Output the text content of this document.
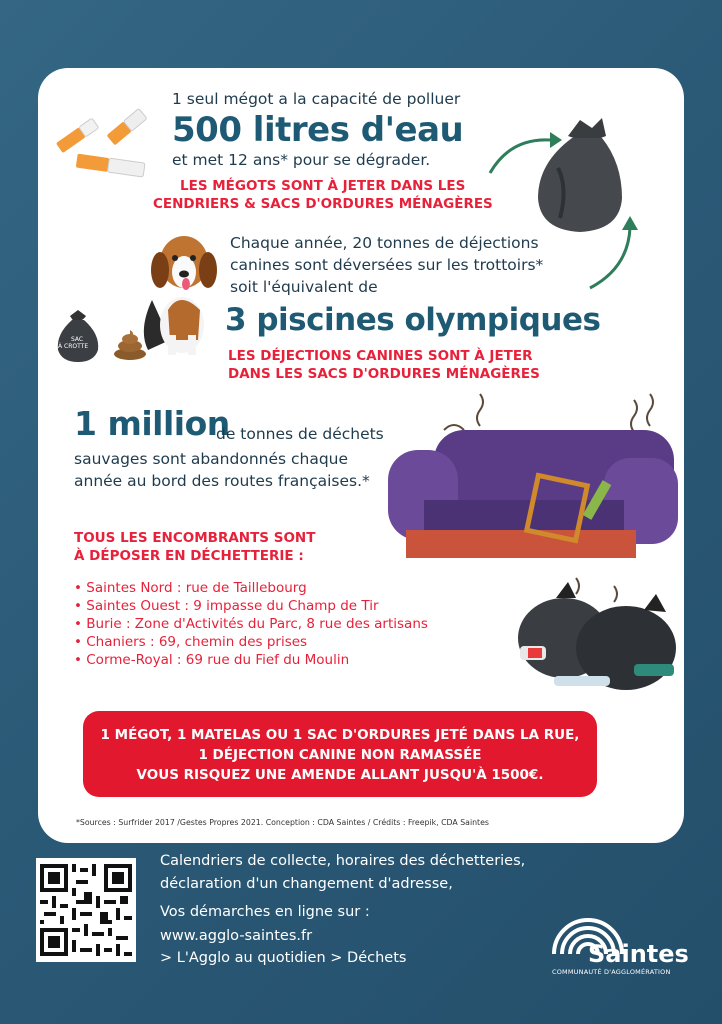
1 seul mégot a la capacité de polluer
500 litres d'eau
et met 12 ans* pour se dégrader.
LES MÉGOTS SONT À JETER DANS LES
CENDRIERS & SACS D'ORDURES MÉNAGÈRES
SAC
À CROTTE
Chaque année, 20 tonnes de déjections
canines sont déversées sur les trottoirs*
soit l'équivalent de
3 piscines olympiques
LES DÉJECTIONS CANINES SONT À JETER
DANS LES SACS D'ORDURES MÉNAGÈRES
1 million
de tonnes de déchets
sauvages sont abandonnés chaque
année au bord des routes françaises.*
TOUS LES ENCOMBRANTS SONT
À DÉPOSER EN DÉCHETTERIE :
• Saintes Nord : rue de Taillebourg
• Saintes Ouest : 9 impasse du Champ de Tir
• Burie : Zone d'Activités du Parc, 8 rue des artisans
• Chaniers : 69, chemin des prises
• Corme-Royal : 69 rue du Fief du Moulin
1 MÉGOT, 1 MATELAS OU 1 SAC D'ORDURES JETÉ DANS LA RUE,
1 DÉJECTION CANINE NON RAMASSÉE
VOUS RISQUEZ UNE AMENDE ALLANT JUSQU'À 1500€.
*Sources : Surfrider 2017 /Gestes Propres 2021. Conception : CDA Saintes / Crédits : Freepik, CDA Saintes
Calendriers de collecte, horaires des déchetteries,
déclaration d'un changement d'adresse,
Vos démarches en ligne sur :
www.agglo-saintes.fr
> L'Agglo au quotidien > Déchets	Saintes
COMMUNAUTÉ D'AGGLOMÉRATION
